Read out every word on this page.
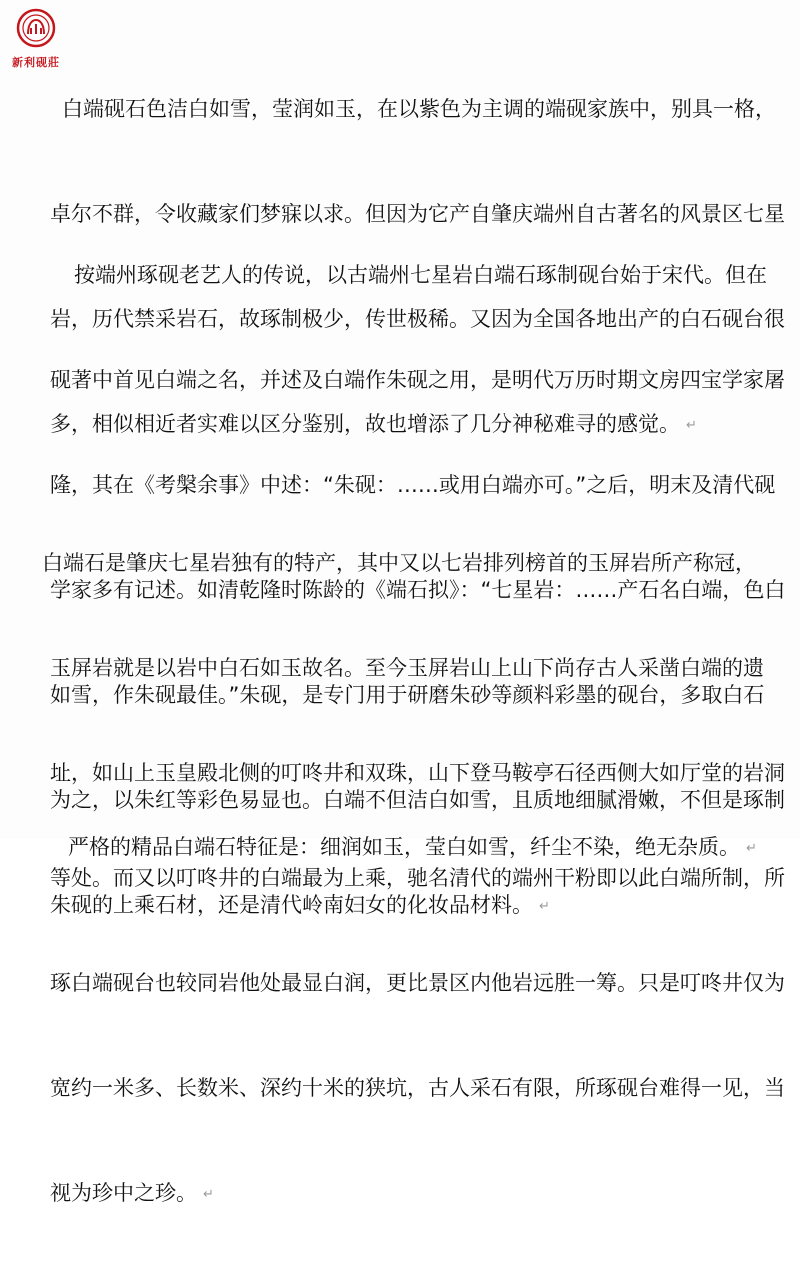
新利砚莊

白端砚石色洁白如雪，莹润如玉，在以紫色为主调的端砚家族中，别具一格，

卓尔不群，令收藏家们梦寐以求。但因为它产自肇庆端州自古著名的风景区七星

岩，历代禁采岩石，故琢制极少，传世极稀。又因为全国各地出产的白石砚台很

多，相似相近者实难以区分鉴别，故也增添了几分神秘难寻的感觉。 ↵

按端州琢砚老艺人的传说，以古端州七星岩白端石琢制砚台始于宋代。但在

砚著中首见白端之名，并述及白端作朱砚之用，是明代万历时期文房四宝学家屠

隆，其在《考槃余事》中述：“朱砚：……或用白端亦可。”之后，明末及清代砚

学家多有记述。如清乾隆时陈龄的《端石拟》：“七星岩：……产石名白端，色白

如雪，作朱砚最佳。”朱砚，是专门用于研磨朱砂等颜料彩墨的砚台，多取白石

为之，以朱红等彩色易显也。白端不但洁白如雪，且质地细腻滑嫩，不但是琢制

朱砚的上乘石材，还是清代岭南妇女的化妆品材料。 ↵

白端石是肇庆七星岩独有的特产，其中又以七岩排列榜首的玉屏岩所产称冠，

玉屏岩就是以岩中白石如玉故名。至今玉屏岩山上山下尚存古人采凿白端的遗

址，如山上玉皇殿北侧的叮咚井和双珠，山下登马鞍亭石径西侧大如厅堂的岩洞

等处。而又以叮咚井的白端最为上乘，驰名清代的端州干粉即以此白端所制，所

琢白端砚台也较同岩他处最显白润，更比景区内他岩远胜一筹。只是叮咚井仅为

宽约一米多、长数米、深约十米的狭坑，古人采石有限，所琢砚台难得一见，当

视为珍中之珍。 ↵

严格的精品白端石特征是：细润如玉，莹白如雪，纤尘不染，绝无杂质。 ↵
